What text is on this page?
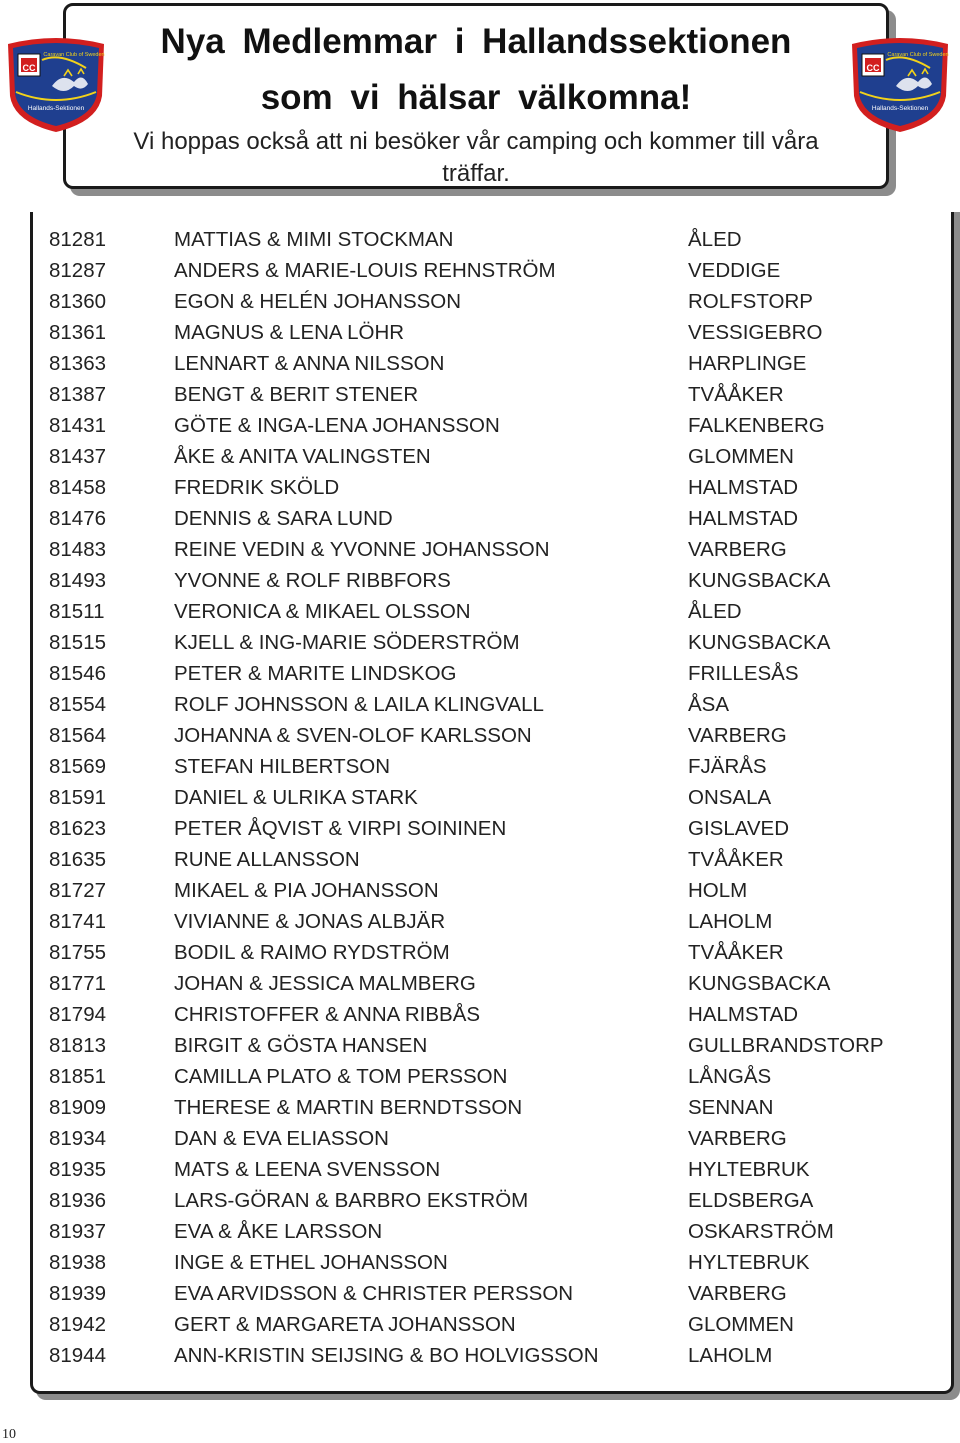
Nya Medlemmar i Hallandssektionen
som vi hälsar välkomna!
Vi hoppas också att ni besöker vår camping och kommer till våra träffar.
CC
Caravan Club of Sweden
Hallands-Sektionen
CC
Caravan Club of Sweden
Hallands-Sektionen
81281	MATTIAS & MIMI STOCKMAN	ÅLED
81287	ANDERS & MARIE-LOUIS REHNSTRÖM	VEDDIGE
81360	EGON & HELÉN JOHANSSON	ROLFSTORP
81361	MAGNUS & LENA LÖHR	VESSIGEBRO
81363	LENNART & ANNA NILSSON	HARPLINGE
81387	BENGT & BERIT STENER	TVÅÅKER
81431	GÖTE & INGA-LENA JOHANSSON	FALKENBERG
81437	ÅKE & ANITA VALINGSTEN	GLOMMEN
81458	FREDRIK SKÖLD	HALMSTAD
81476	DENNIS & SARA LUND	HALMSTAD
81483	REINE VEDIN & YVONNE JOHANSSON	VARBERG
81493	YVONNE & ROLF RIBBFORS	KUNGSBACKA
81511	VERONICA & MIKAEL OLSSON	ÅLED
81515	KJELL & ING-MARIE SÖDERSTRÖM	KUNGSBACKA
81546	PETER & MARITE LINDSKOG	FRILLESÅS
81554	ROLF JOHNSSON & LAILA KLINGVALL	ÅSA
81564	JOHANNA & SVEN-OLOF KARLSSON	VARBERG
81569	STEFAN HILBERTSON	FJÄRÅS
81591	DANIEL & ULRIKA STARK	ONSALA
81623	PETER ÅQVIST & VIRPI SOININEN	GISLAVED
81635	RUNE ALLANSSON	TVÅÅKER
81727	MIKAEL & PIA JOHANSSON	HOLM
81741	VIVIANNE & JONAS ALBJÄR	LAHOLM
81755	BODIL & RAIMO RYDSTRÖM	TVÅÅKER
81771	JOHAN & JESSICA MALMBERG	KUNGSBACKA
81794	CHRISTOFFER & ANNA RIBBÅS	HALMSTAD
81813	BIRGIT & GÖSTA HANSEN	GULLBRANDSTORP
81851	CAMILLA PLATO & TOM PERSSON	LÅNGÅS
81909	THERESE & MARTIN BERNDTSSON	SENNAN
81934	DAN & EVA ELIASSON	VARBERG
81935	MATS & LEENA SVENSSON	HYLTEBRUK
81936	LARS-GÖRAN & BARBRO EKSTRÖM	ELDSBERGA
81937	EVA & ÅKE LARSSON	OSKARSTRÖM
81938	INGE & ETHEL JOHANSSON	HYLTEBRUK
81939	EVA ARVIDSSON & CHRISTER PERSSON	VARBERG
81942	GERT & MARGARETA JOHANSSON	GLOMMEN
81944	ANN-KRISTIN SEIJSING & BO HOLVIGSSON	LAHOLM
10
